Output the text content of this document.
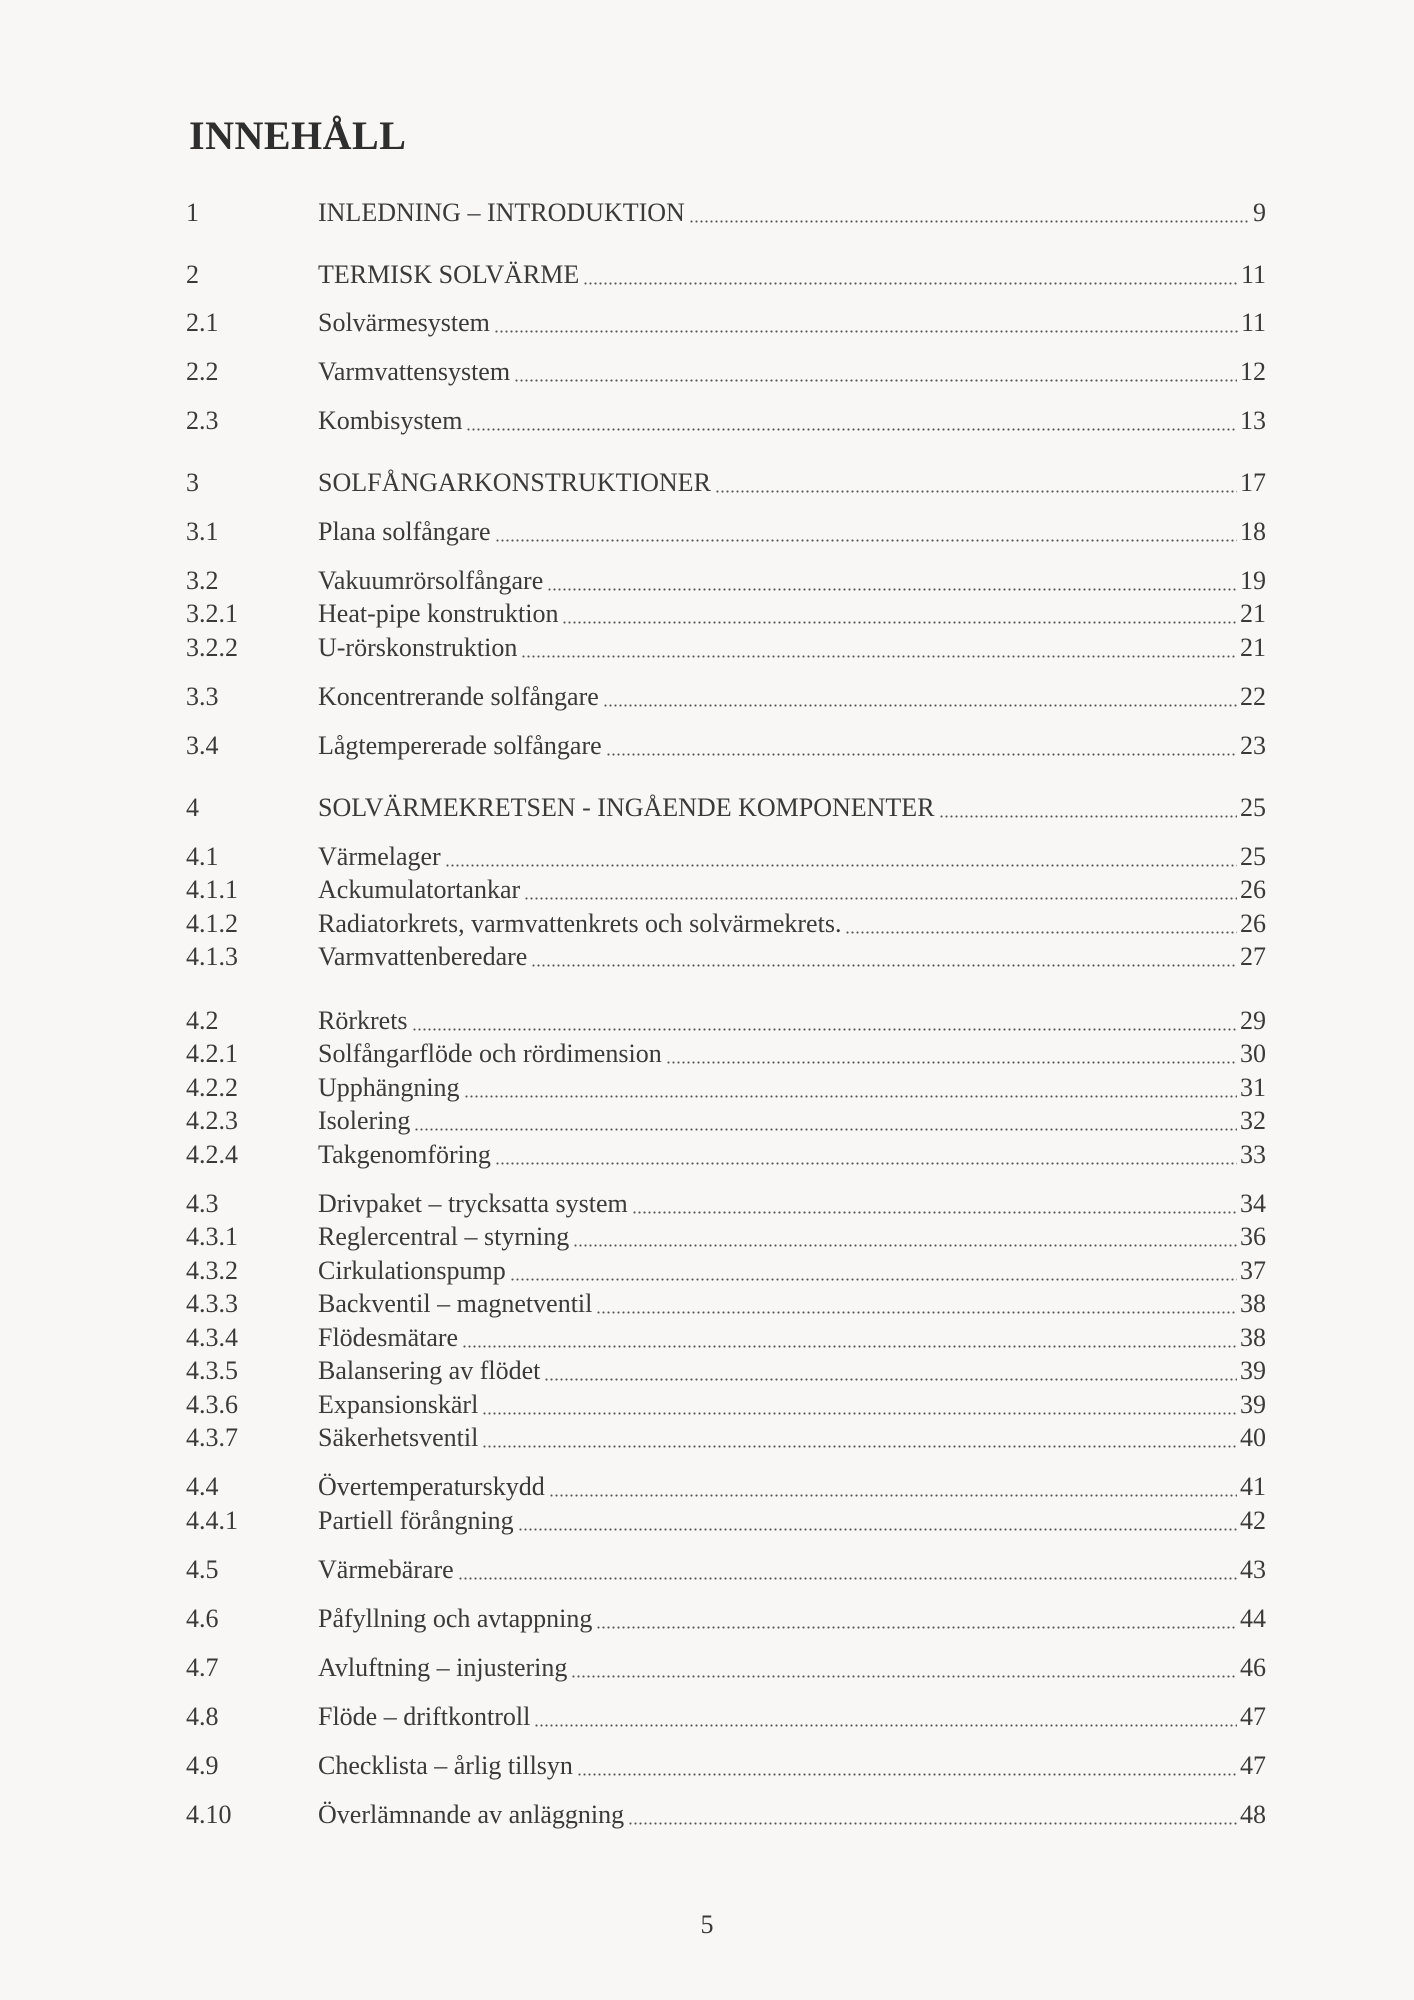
INNEHÅLL
1	INLEDNING – INTRODUKTION	9
2	TERMISK SOLVÄRME	11
2.1	Solvärmesystem	11
2.2	Varmvattensystem	12
2.3	Kombisystem	13
3	SOLFÅNGARKONSTRUKTIONER	17
3.1	Plana solfångare	18
3.2	Vakuumrörsolfångare	19
3.2.1	Heat-pipe konstruktion	21
3.2.2	U-rörskonstruktion	21
3.3	Koncentrerande solfångare	22
3.4	Lågtempererade solfångare	23
4	SOLVÄRMEKRETSEN - INGÅENDE KOMPONENTER	25
4.1	Värmelager	25
4.1.1	Ackumulatortankar	26
4.1.2	Radiatorkrets, varmvattenkrets och solvärmekrets.	26
4.1.3	Varmvattenberedare	27
4.2	Rörkrets	29
4.2.1	Solfångarflöde och rördimension	30
4.2.2	Upphängning	31
4.2.3	Isolering	32
4.2.4	Takgenomföring	33
4.3	Drivpaket – trycksatta system	34
4.3.1	Reglercentral – styrning	36
4.3.2	Cirkulationspump	37
4.3.3	Backventil – magnetventil	38
4.3.4	Flödesmätare	38
4.3.5	Balansering av flödet	39
4.3.6	Expansionskärl	39
4.3.7	Säkerhetsventil	40
4.4	Övertemperaturskydd	41
4.4.1	Partiell förångning	42
4.5	Värmebärare	43
4.6	Påfyllning och avtappning	44
4.7	Avluftning – injustering	46
4.8	Flöde – driftkontroll	47
4.9	Checklista – årlig tillsyn	47
4.10	Överlämnande av anläggning	48
5
